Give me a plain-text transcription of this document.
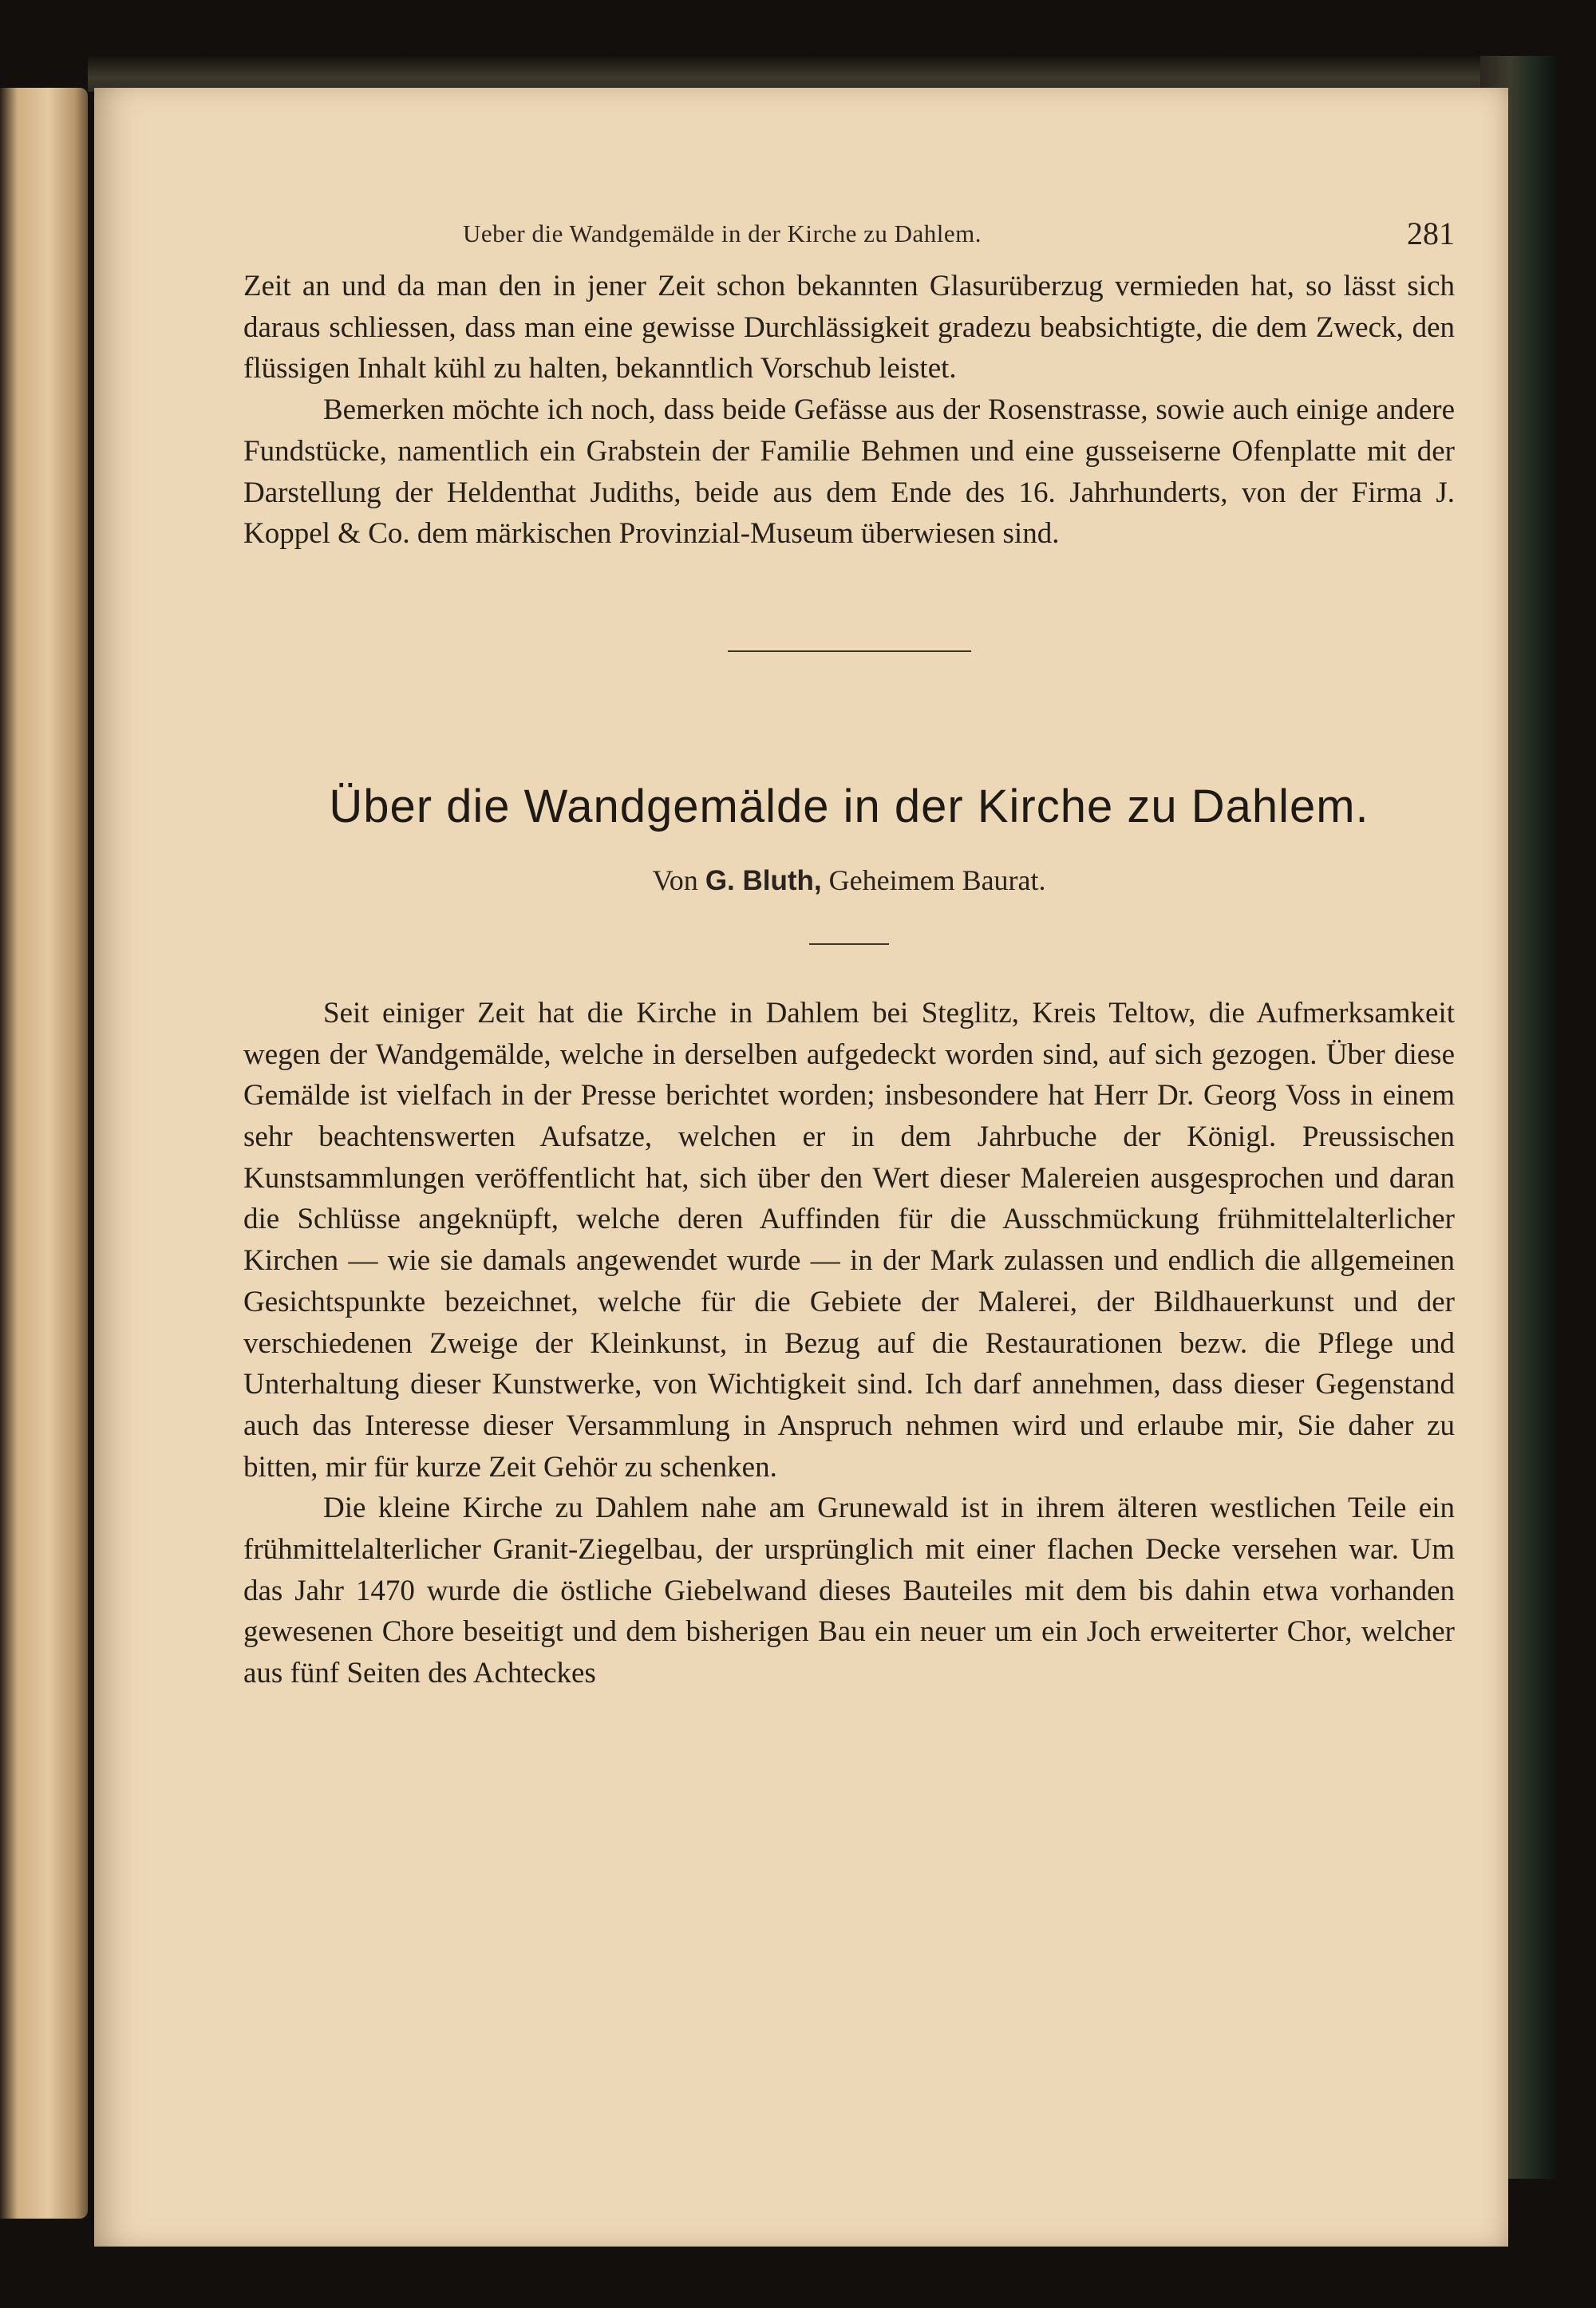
Ueber die Wandgemälde in der Kirche zu Dahlem.	281

Zeit an und da man den in jener Zeit schon bekannten Glasurüberzug vermieden hat, so lässt sich daraus schliessen, dass man eine gewisse Durchlässigkeit gradezu beabsichtigte, die dem Zweck, den flüssigen Inhalt kühl zu halten, bekanntlich Vorschub leistet.

Bemerken möchte ich noch, dass beide Gefässe aus der Rosenstrasse, sowie auch einige andere Fundstücke, namentlich ein Grabstein der Familie Behmen und eine gusseiserne Ofenplatte mit der Darstellung der Heldenthat Judiths, beide aus dem Ende des 16. Jahrhunderts, von der Firma J. Koppel & Co. dem märkischen Provinzial-Museum überwiesen sind.

Über die Wandgemälde in der Kirche zu Dahlem.
Von G. Bluth, Geheimem Baurat.

Seit einiger Zeit hat die Kirche in Dahlem bei Steglitz, Kreis Teltow, die Aufmerksamkeit wegen der Wandgemälde, welche in derselben aufgedeckt worden sind, auf sich gezogen. Über diese Gemälde ist vielfach in der Presse berichtet worden; insbesondere hat Herr Dr. Georg Voss in einem sehr beachtenswerten Aufsatze, welchen er in dem Jahrbuche der Königl. Preussischen Kunstsammlungen veröffentlicht hat, sich über den Wert dieser Malereien ausgesprochen und daran die Schlüsse angeknüpft, welche deren Auffinden für die Ausschmückung frühmittelalterlicher Kirchen — wie sie damals angewendet wurde — in der Mark zulassen und endlich die allgemeinen Gesichtspunkte bezeichnet, welche für die Gebiete der Malerei, der Bildhauerkunst und der verschiedenen Zweige der Kleinkunst, in Bezug auf die Restaurationen bezw. die Pflege und Unterhaltung dieser Kunstwerke, von Wichtigkeit sind. Ich darf annehmen, dass dieser Gegenstand auch das Interesse dieser Versammlung in Anspruch nehmen wird und erlaube mir, Sie daher zu bitten, mir für kurze Zeit Gehör zu schenken.

Die kleine Kirche zu Dahlem nahe am Grunewald ist in ihrem älteren westlichen Teile ein frühmittelalterlicher Granit-Ziegelbau, der ursprünglich mit einer flachen Decke versehen war. Um das Jahr 1470 wurde die östliche Giebelwand dieses Bauteiles mit dem bis dahin etwa vorhanden gewesenen Chore beseitigt und dem bisherigen Bau ein neuer um ein Joch erweiterter Chor, welcher aus fünf Seiten des Achteckes
